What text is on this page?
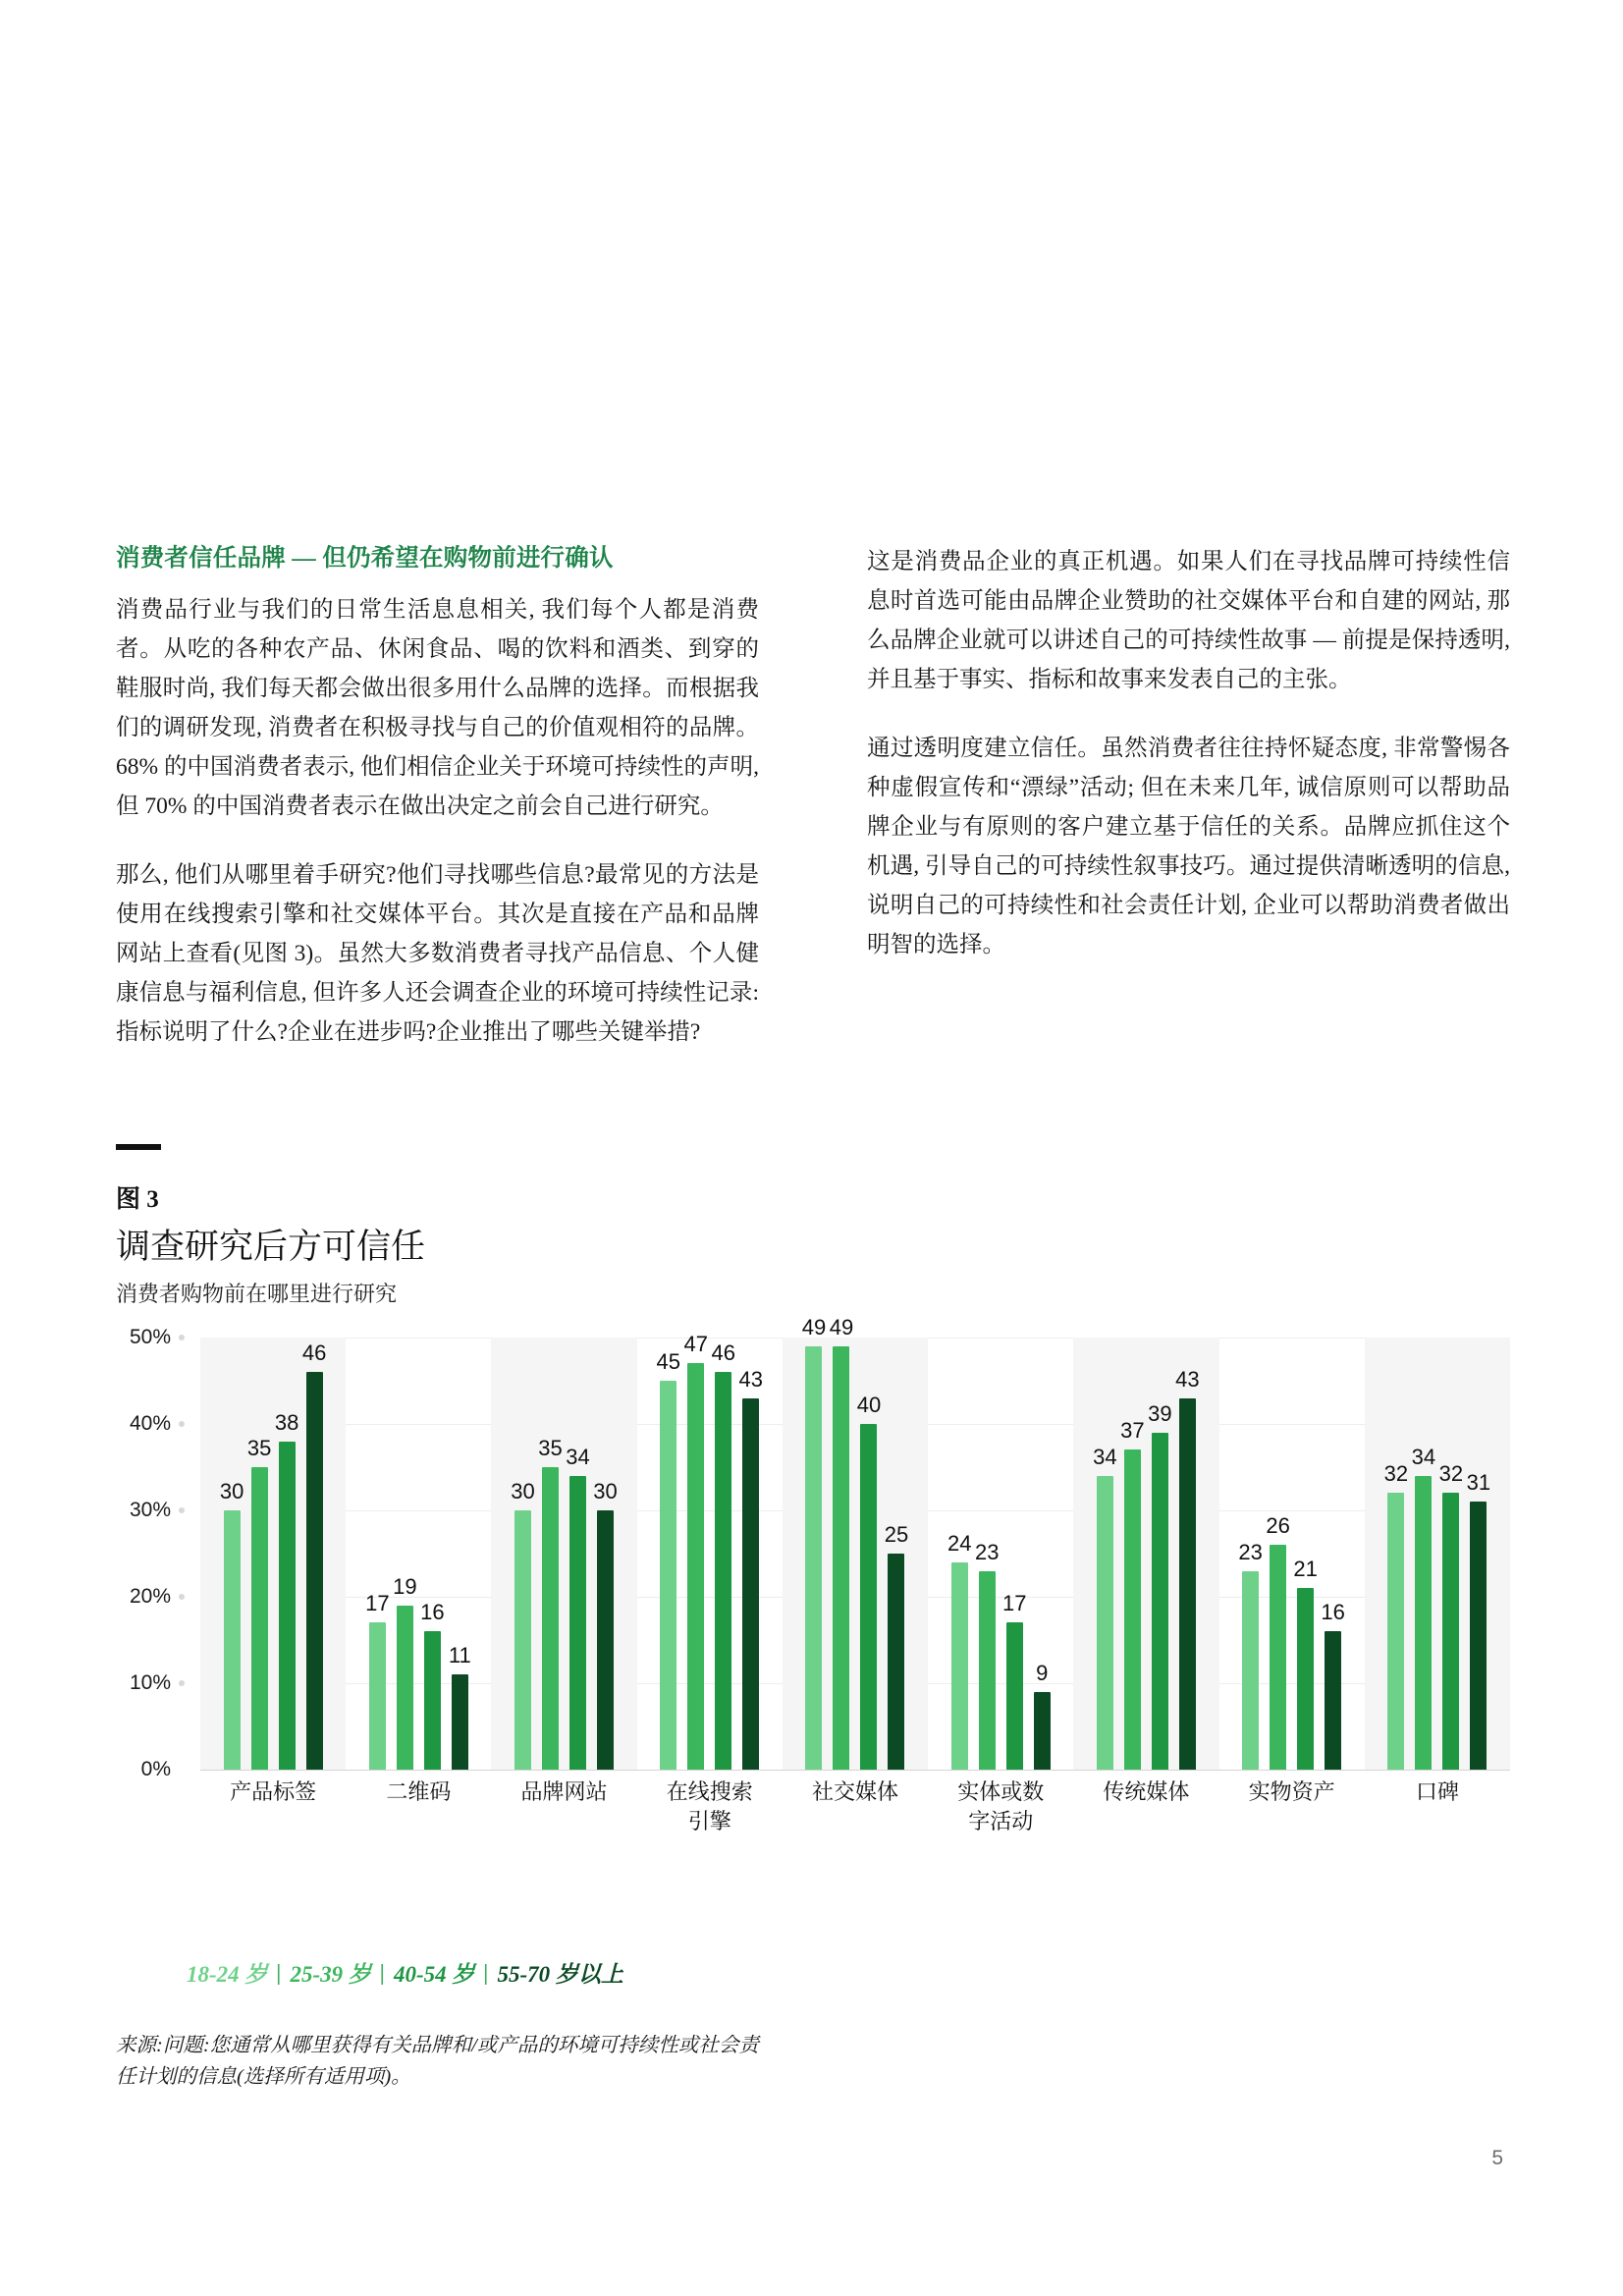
消费者信任品牌 — 但仍希望在购物前进行确认

消费品行业与我们的日常生活息息相关, 我们每个人都是消费者。从吃的各种农产品、休闲食品、喝的饮料和酒类、到穿的鞋服时尚, 我们每天都会做出很多用什么品牌的选择。而根据我们的调研发现, 消费者在积极寻找与自己的价值观相符的品牌。68% 的中国消费者表示, 他们相信企业关于环境可持续性的声明, 但 70% 的中国消费者表示在做出决定之前会自己进行研究。

那么, 他们从哪里着手研究?他们寻找哪些信息?最常见的方法是使用在线搜索引擎和社交媒体平台。其次是直接在产品和品牌网站上查看(见图 3)。虽然大多数消费者寻找产品信息、个人健康信息与福利信息, 但许多人还会调查企业的环境可持续性记录:指标说明了什么?企业在进步吗?企业推出了哪些关键举措?

这是消费品企业的真正机遇。如果人们在寻找品牌可持续性信息时首选可能由品牌企业赞助的社交媒体平台和自建的网站, 那么品牌企业就可以讲述自己的可持续性故事 — 前提是保持透明, 并且基于事实、指标和故事来发表自己的主张。

通过透明度建立信任。虽然消费者往往持怀疑态度, 非常警惕各种虚假宣传和“漂绿”活动; 但在未来几年, 诚信原则可以帮助品牌企业与有原则的客户建立基于信任的关系。品牌应抓住这个机遇, 引导自己的可持续性叙事技巧。通过提供清晰透明的信息, 说明自己的可持续性和社会责任计划, 企业可以帮助消费者做出明智的选择。

图 3
调查研究后方可信任
消费者购物前在哪里进行研究
0%
10%
20%
30%
40%
50%
30
35
38
46
17
19
16
11
30
35 34
30
45
47 46
43
49 49
40
25 24 23
17
9
34
37
39
43
23
26
21
16
32
34
32 31
产品标签	二维码	品牌网站	在线搜索
引擎
社交媒体	实体或数
字活动
传统媒体	实物资产	口碑
18-24 岁 | 25-39 岁 | 40-54 岁 | 55-70 岁以上
来源:问题:您通常从哪里获得有关品牌和/或产品的环境可持续性或社会责任计划的信息(选择所有适用项)。
5
